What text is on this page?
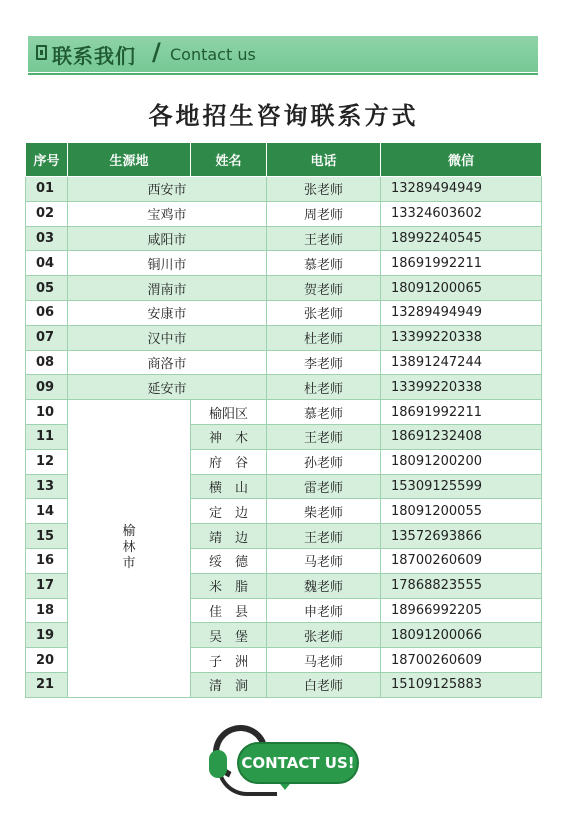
联系我们 / Contact us
各地招生咨询联系方式
序号	生源地	姓名	电话	微信	
01	西安市		张老师	13289494949	
02	宝鸡市		周老师	13324603602	
03	咸阳市		王老师	18992240545	
04	铜川市		慕老师	18691992211	
05	渭南市		贺老师	18091200065	
06	安康市		张老师	13289494949	
07	汉中市		杜老师	13399220338	
08	商洛市		李老师	13891247244	
09	延安市		杜老师	13399220338	
10	榆林市	榆阳区	慕老师	18691992211	
11		神　木	王老师	18691232408	
12		府　谷	孙老师	18091200200	
13		横　山	雷老师	15309125599	
14		定　边	柴老师	18091200055	
15		靖　边	王老师	13572693866	
16		绥　德	马老师	18700260609	
17		米　脂	魏老师	17868823555	
18		佳　县	申老师	18966992205	
19		吴　堡	张老师	18091200066	
20		子　洲	马老师	18700260609	
21		清　涧	白老师	15109125883	
CONTACT US!
